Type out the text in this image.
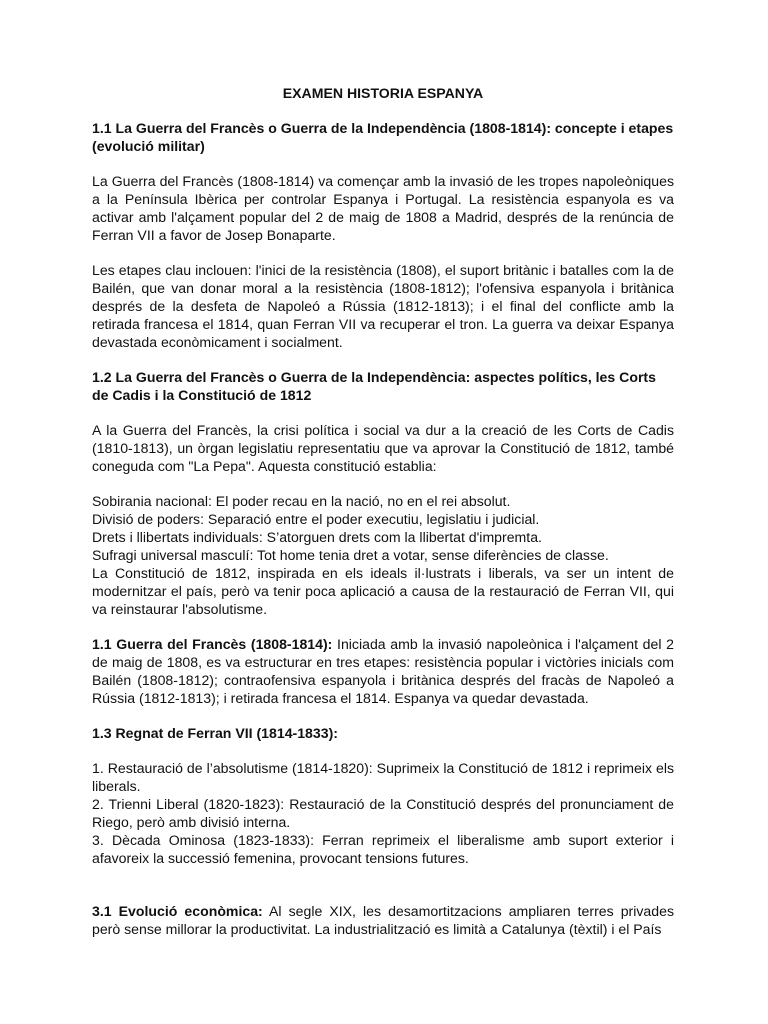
EXAMEN HISTORIA ESPANYA
1.1 La Guerra del Francès o Guerra de la Independència (1808-1814): concepte i etapes (evolució militar)
La Guerra del Francès (1808-1814) va començar amb la invasió de les tropes napoleòniques a la Península Ibèrica per controlar Espanya i Portugal. La resistència espanyola es va activar amb l'alçament popular del 2 de maig de 1808 a Madrid, després de la renúncia de Ferran VII a favor de Josep Bonaparte.
Les etapes clau inclouen: l'inici de la resistència (1808), el suport britànic i batalles com la de Bailén, que van donar moral a la resistència (1808-1812); l'ofensiva espanyola i britànica després de la desfeta de Napoleó a Rússia (1812-1813); i el final del conflicte amb la retirada francesa el 1814, quan Ferran VII va recuperar el tron. La guerra va deixar Espanya devastada econòmicament i socialment.
1.2 La Guerra del Francès o Guerra de la Independència: aspectes polítics, les Corts de Cadis i la Constitució de 1812
A la Guerra del Francès, la crisi política i social va dur a la creació de les Corts de Cadis (1810-1813), un òrgan legislatiu representatiu que va aprovar la Constitució de 1812, també coneguda com "La Pepa". Aquesta constitució establia:
Sobirania nacional: El poder recau en la nació, no en el rei absolut.
Divisió de poders: Separació entre el poder executiu, legislatiu i judicial.
Drets i llibertats individuals: S’atorguen drets com la llibertat d'impremta.
Sufragi universal masculí: Tot home tenia dret a votar, sense diferències de classe.
La Constitució de 1812, inspirada en els ideals il·lustrats i liberals, va ser un intent de modernitzar el país, però va tenir poca aplicació a causa de la restauració de Ferran VII, qui va reinstaurar l'absolutisme.
1.1 Guerra del Francès (1808-1814): Iniciada amb la invasió napoleònica i l'alçament del 2 de maig de 1808, es va estructurar en tres etapes: resistència popular i victòries inicials com Bailén (1808-1812); contraofensiva espanyola i britànica després del fracàs de Napoleó a Rússia (1812-1813); i retirada francesa el 1814. Espanya va quedar devastada.
1.3 Regnat de Ferran VII (1814-1833):
1. Restauració de l’absolutisme (1814-1820): Suprimeix la Constitució de 1812 i reprimeix els liberals.
2. Trienni Liberal (1820-1823): Restauració de la Constitució després del pronunciament de Riego, però amb divisió interna.
3. Dècada Ominosa (1823-1833): Ferran reprimeix el liberalisme amb suport exterior i afavoreix la successió femenina, provocant tensions futures.
3.1 Evolució econòmica: Al segle XIX, les desamortitzacions ampliaren terres privades però sense millorar la productivitat. La industrialització es limità a Catalunya (tèxtil) i el País
